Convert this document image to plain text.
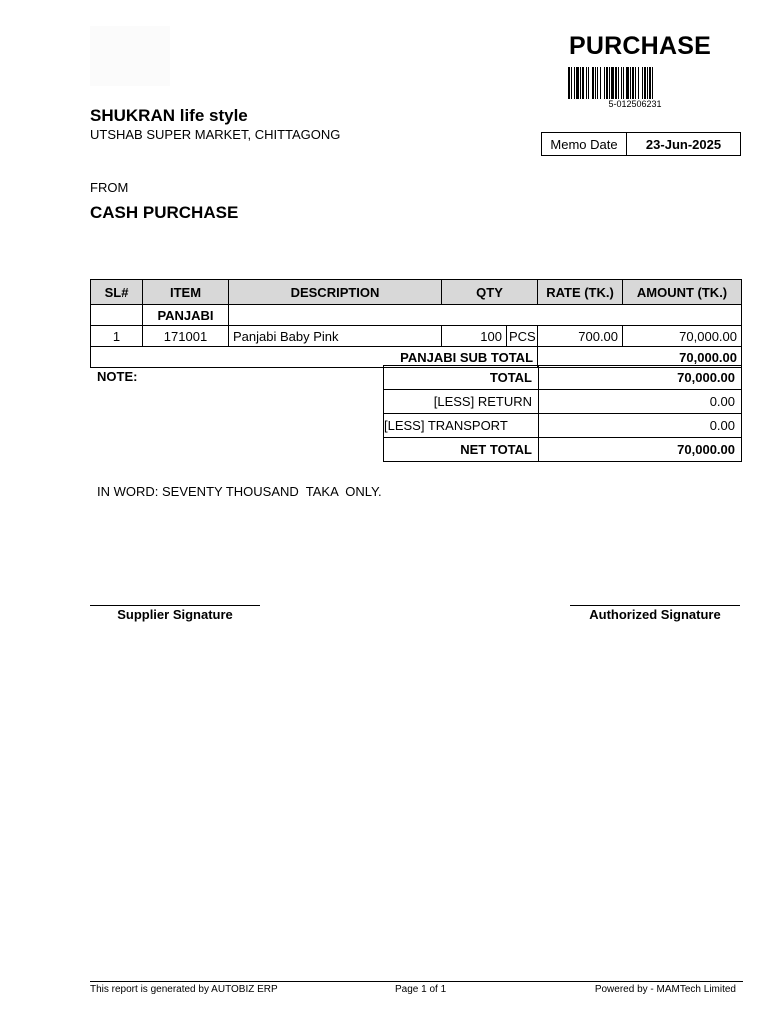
PURCHASE
5-012506231
SHUKRAN life style
UTSHAB SUPER MARKET, CHITTAGONG
Memo Date	23-Jun-2025
FROM
CASH PURCHASE
SL#	ITEM	DESCRIPTION	QTY		RATE (TK.)	AMOUNT (TK.)
	PANJABI					
1	171001	Panjabi Baby Pink	100	PCS	700.00	70,000.00
PANJABI SUB TOTAL					70,000.00	
NOTE:	TOTAL	70,000.00
[LESS] RETURN	0.00
[LESS] TRANSPORT	0.00
NET TOTAL	70,000.00
IN WORD: SEVENTY THOUSAND  TAKA  ONLY.
Supplier Signature	Authorized Signature
This report is generated by AUTOBIZ ERP	Page 1 of 1	Powered by - MAMTech Limited
